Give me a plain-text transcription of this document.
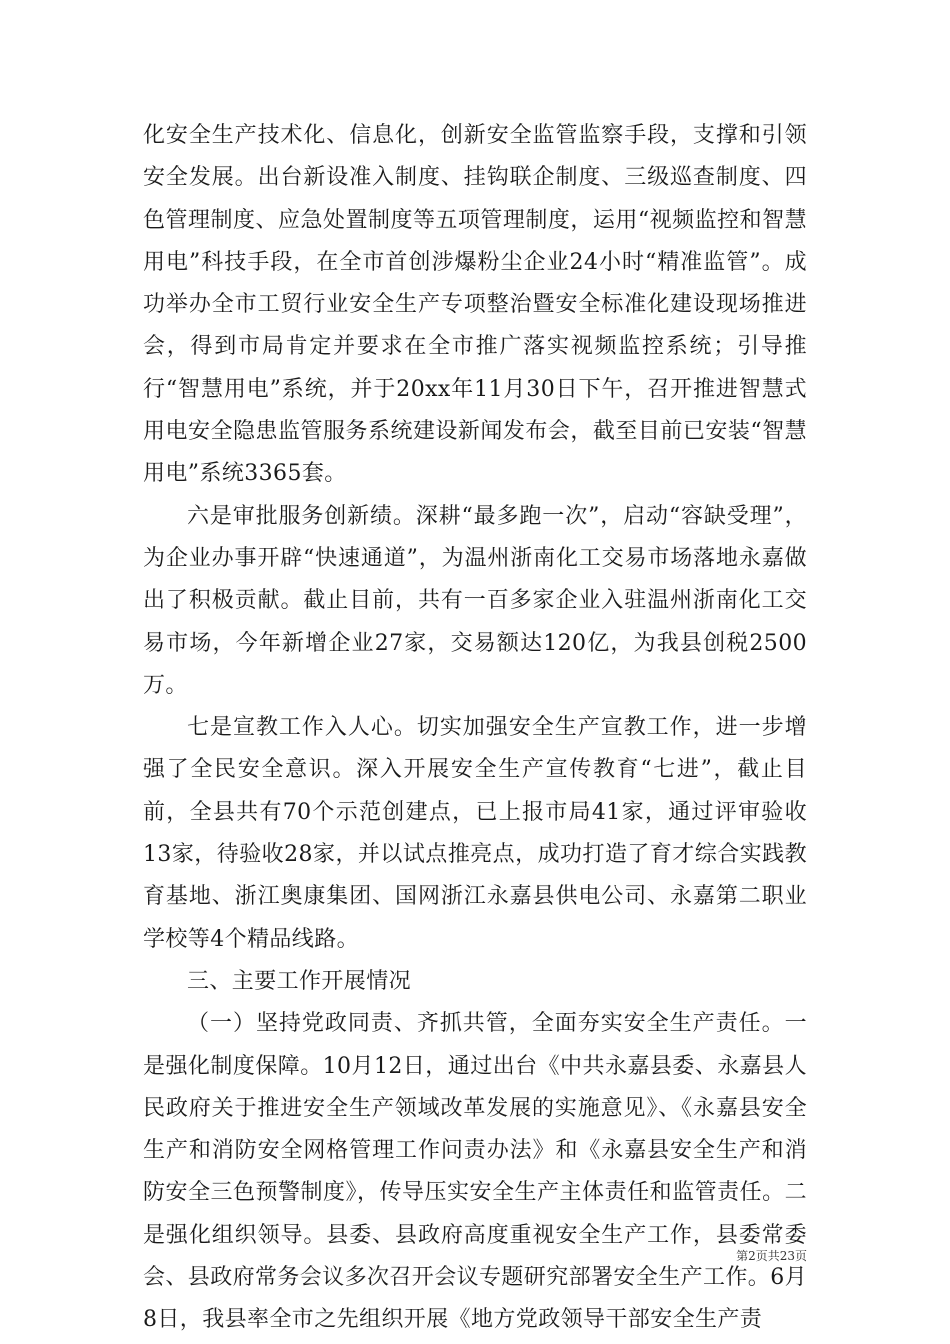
化安全生产技术化、信息化，创新安全监管监察手段，支撑和引领安全发展。出台新设准入制度、挂钩联企制度、三级巡查制度、四色管理制度、应急处置制度等五项管理制度，运用“视频监控和智慧用电”科技手段，在全市首创涉爆粉尘企业24小时“精准监管”。成功举办全市工贸行业安全生产专项整治暨安全标准化建设现场推进会，得到市局肯定并要求在全市推广落实视频监控系统；引导推行“智慧用电”系统，并于20xx年11月30日下午，召开推进智慧式用电安全隐患监管服务系统建设新闻发布会，截至目前已安装“智慧用电”系统3365套。

六是审批服务创新绩。深耕“最多跑一次”，启动“容缺受理”，为企业办事开辟“快速通道”，为温州浙南化工交易市场落地永嘉做出了积极贡献。截止目前，共有一百多家企业入驻温州浙南化工交易市场，今年新增企业27家，交易额达120亿，为我县创税2500万。

七是宣教工作入人心。切实加强安全生产宣教工作，进一步增强了全民安全意识。深入开展安全生产宣传教育“七进”，截止目前，全县共有70个示范创建点，已上报市局41家，通过评审验收13家，待验收28家，并以试点推亮点，成功打造了育才综合实践教育基地、浙江奥康集团、国网浙江永嘉县供电公司、永嘉第二职业学校等4个精品线路。

三、主要工作开展情况

（一）坚持党政同责、齐抓共管，全面夯实安全生产责任。一是强化制度保障。10月12日，通过出台《中共永嘉县委、永嘉县人民政府关于推进安全生产领域改革发展的实施意见》、《永嘉县安全生产和消防安全网格管理工作问责办法》和《永嘉县安全生产和消防安全三色预警制度》，传导压实安全生产主体责任和监管责任。二是强化组织领导。县委、县政府高度重视安全生产工作，县委常委会、县政府常务会议多次召开会议专题研究部署安全生产工作。6月8日，我县率全市之先组织开展《地方党政领导干部安全生产责

第2页共23页
